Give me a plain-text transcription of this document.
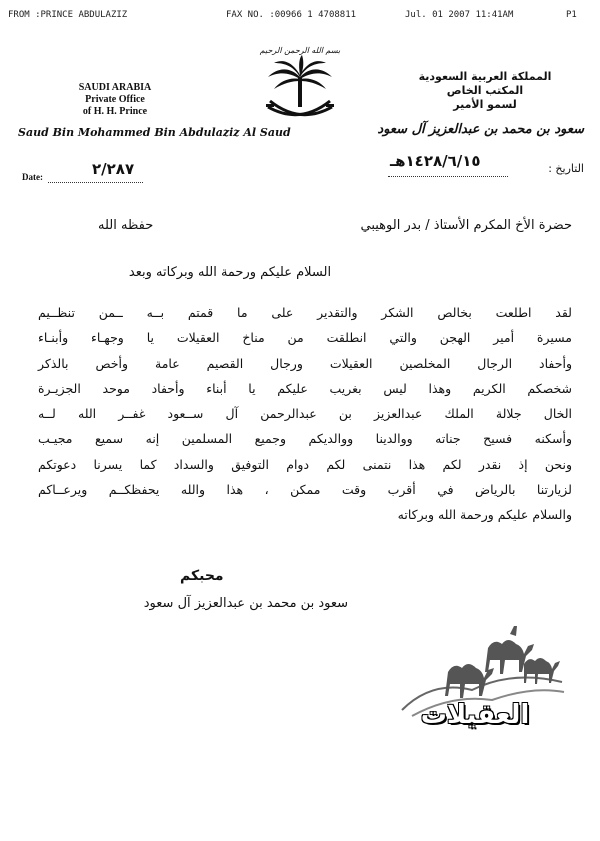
FROM :PRINCE ABDULAZIZ	FAX NO. :00966 1 4708811	Jul. 01 2007 11:41AM	P1
SAUDI ARABIA
Private Office
of H. H. Prince
Saud Bin Mohammed Bin Abdulaziz Al Saud
Date:	٢/٢٨٧
بسم الله الرحمن الرحيم
المملكة العربية السعودية
المكتب الخاص
لسمو الأمير
سعود بن محمد بن عبدالعزيز آل سعود
التاريخ :
١٤٢٨/٦/١٥هـ
حضرة الأخ المكرم الأستاذ / بدر الوهيبي
حفظه الله
السلام عليكم ورحمة الله وبركاته وبعد
لقد اطلعت بخالص الشكر والتقدير على ما قمتم بــه ــمن تنظــيم
مسيرة أمير الهجن والتي انطلقت من مناخ العقيلات يا وجهـاء وأبنـاء
وأحفاد الرجال المخلصين العقيلات ورجال القصيم عامة وأخص بالذكر
شخصكم الكريم وهذا ليس بغريب عليكم يا أبناء وأحفاد موحد الجزيـرة
الخال جلالة الملك عبدالعزيز بن عبدالرحمن آل ســعود غفــر الله لــه
وأسكنه فسيح جناته ووالدينا ووالديكم وجميع المسلمين إنه سميع مجيـب
ونحن إذ نقدر لكم هذا نتمنى لكم دوام التوفيق والسداد كما يسرنا دعوتكم
لزيارتنا بالرياض في أقرب وقت ممكن ، هذا والله يحفظكــم ويرعــاكم
والسلام عليكم ورحمة الله وبركاته
محبكم
سعود بن محمد بن عبدالعزيز آل سعود
العقيلات
